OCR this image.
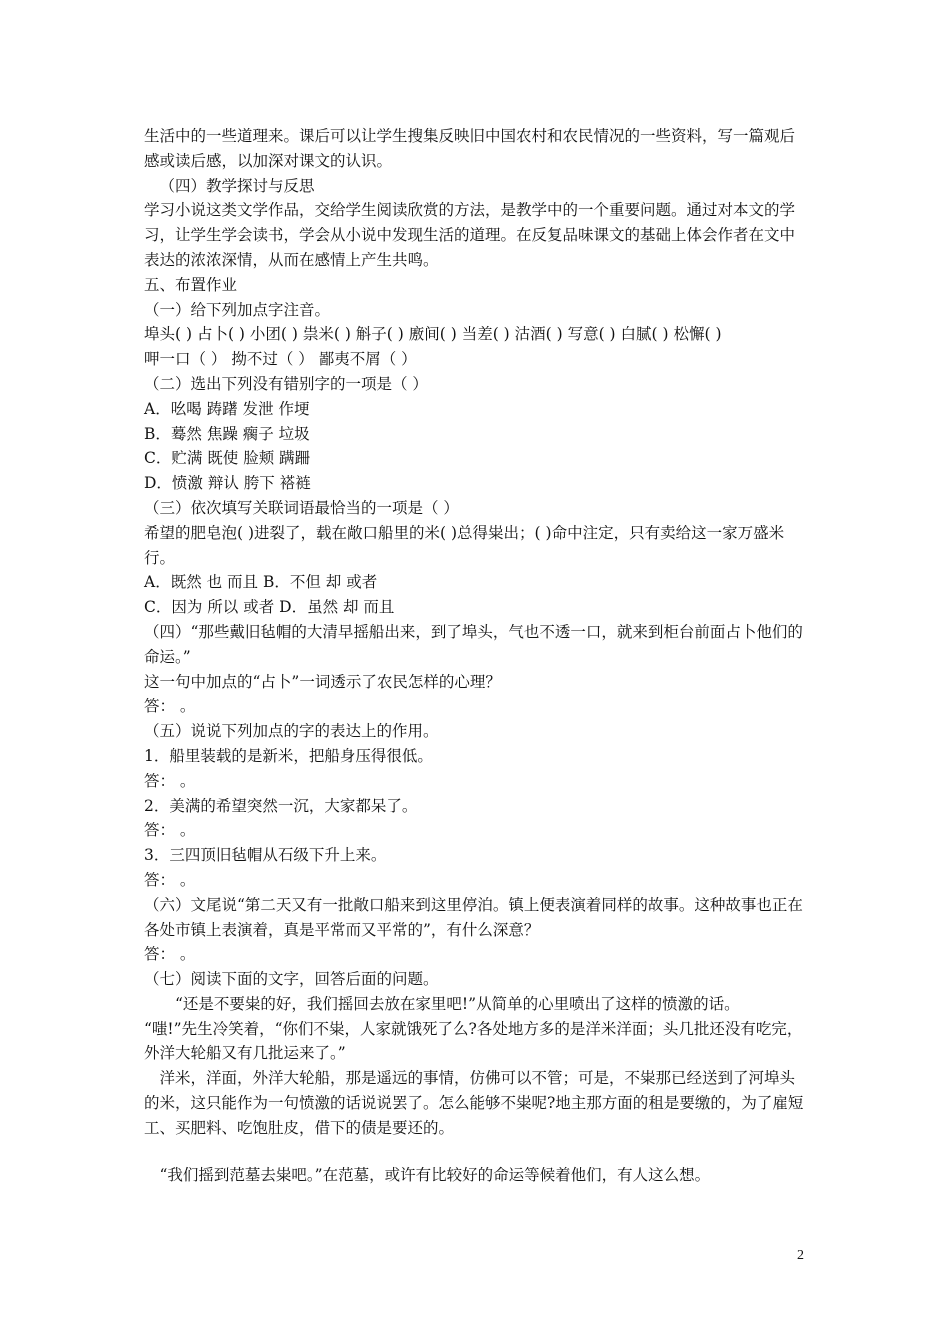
生活中的一些道理来。课后可以让学生搜集反映旧中国农村和农民情况的一些资料，写一篇观后感或读后感，以加深对课文的认识。

（四）教学探讨与反思

学习小说这类文学作品，交给学生阅读欣赏的方法，是教学中的一个重要问题。通过对本文的学习，让学生学会读书，学会从小说中发现生活的道理。在反复品味课文的基础上体会作者在文中表达的浓浓深情，从而在感情上产生共鸣。

五、布置作业

（一）给下列加点字注音。

埠头( ) 占卜( ) 小团( ) 祟米( ) 斛子( ) 廒间( ) 当差( ) 沽酒( ) 写意( ) 白腻( ) 松懈( )

呷一口（ ） 拗不过（ ） 鄙夷不屑（ ）

（二）选出下列没有错别字的一项是（ ）

A．吆喝 踌躇 发泄 作埂

B．蓦然 焦躁 瘸子 垃圾

C．贮满 既使 脸颊 蹒跚

D．愤激 辩认 胯下 褡裢

（三）依次填写关联词语最恰当的一项是（ ）

希望的肥皂泡( )进裂了，载在敞口船里的米( )总得粜出；( )命中注定，只有卖给这一家万盛米行。

A．既然 也 而且 B．不但 却 或者

C．因为 所以 或者 D．虽然 却 而且

（四）“那些戴旧毡帽的大清早摇船出来，到了埠头，气也不透一口，就来到柜台前面占卜他们的命运。”

这一句中加点的“占卜”一词透示了农民怎样的心理？

答： 。

（五）说说下列加点的字的表达上的作用。

1．船里装载的是新米，把船身压得很低。

答： 。

2．美满的希望突然一沉，大家都呆了。

答： 。

3．三四顶旧毡帽从石级下升上来。

答： 。

（六）文尾说“第二天又有一批敞口船来到这里停泊。镇上便表演着同样的故事。这种故事也正在各处市镇上表演着，真是平常而又平常的”，有什么深意？

答： 。

（七）阅读下面的文字，回答后面的问题。

“还是不要粜的好，我们摇回去放在家里吧!”从简单的心里喷出了这样的愤激的话。

“嗤!”先生冷笑着，“你们不粜，人家就饿死了么?各处地方多的是洋米洋面；头几批还没有吃完，外洋大轮船又有几批运来了。”

洋米，洋面，外洋大轮船，那是遥远的事情，仿佛可以不管；可是，不粜那已经送到了河埠头的米，这只能作为一句愤激的话说说罢了。怎么能够不粜呢?地主那方面的租是要缴的，为了雇短工、买肥料、吃饱肚皮，借下的债是要还的。

“我们摇到范墓去粜吧。”在范墓，或许有比较好的命运等候着他们，有人这么想。

2
